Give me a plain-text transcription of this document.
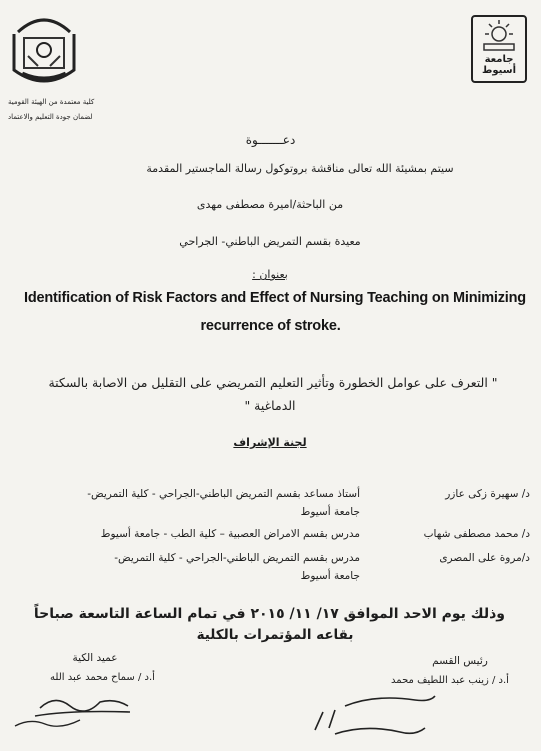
كلية معتمدة من الهيئة القومية
لضمان جودة التعليم والاعتماد
جامعة أسيوط
دعـــــــوة
سيتم بمشيئة الله تعالى مناقشة بروتوكول رسالة الماجستير المقدمة
من الباحثة/اميرة مصطفى مهدى
معيدة بقسم التمريض الباطني- الجراحي
بعنوان :
Identification of Risk Factors and Effect of Nursing Teaching on Minimizing
recurrence of stroke.
" التعرف على عوامل الخطورة وتأثير التعليم التمريضي على التقليل من الاصابة بالسكتة
الدماغية "
لجنة الإشراف
د/ سهيرة زكى عازر
أستاذ مساعد بقسم التمريض الباطني-الجراحي - كلية التمريض-
جامعة أسيوط
د/ محمد مصطفى شهاب
مدرس بقسم الامراض العصبية – كلية الطب - جامعة أسيوط
د/مروة على المصرى
مدرس بقسم التمريض الباطني-الجراحي - كلية التمريض-
جامعة أسيوط
وذلك يوم الاحد الموافق ١٧/ ١١/ ٢٠١٥ في تمام الساعة التاسعة صباحاً
بقاعه المؤتمرات بالكلية
عميد الكية
أ.د / سماح محمد عبد الله
رئيس القسم
أ.د / زينب عبد اللطيف محمد
